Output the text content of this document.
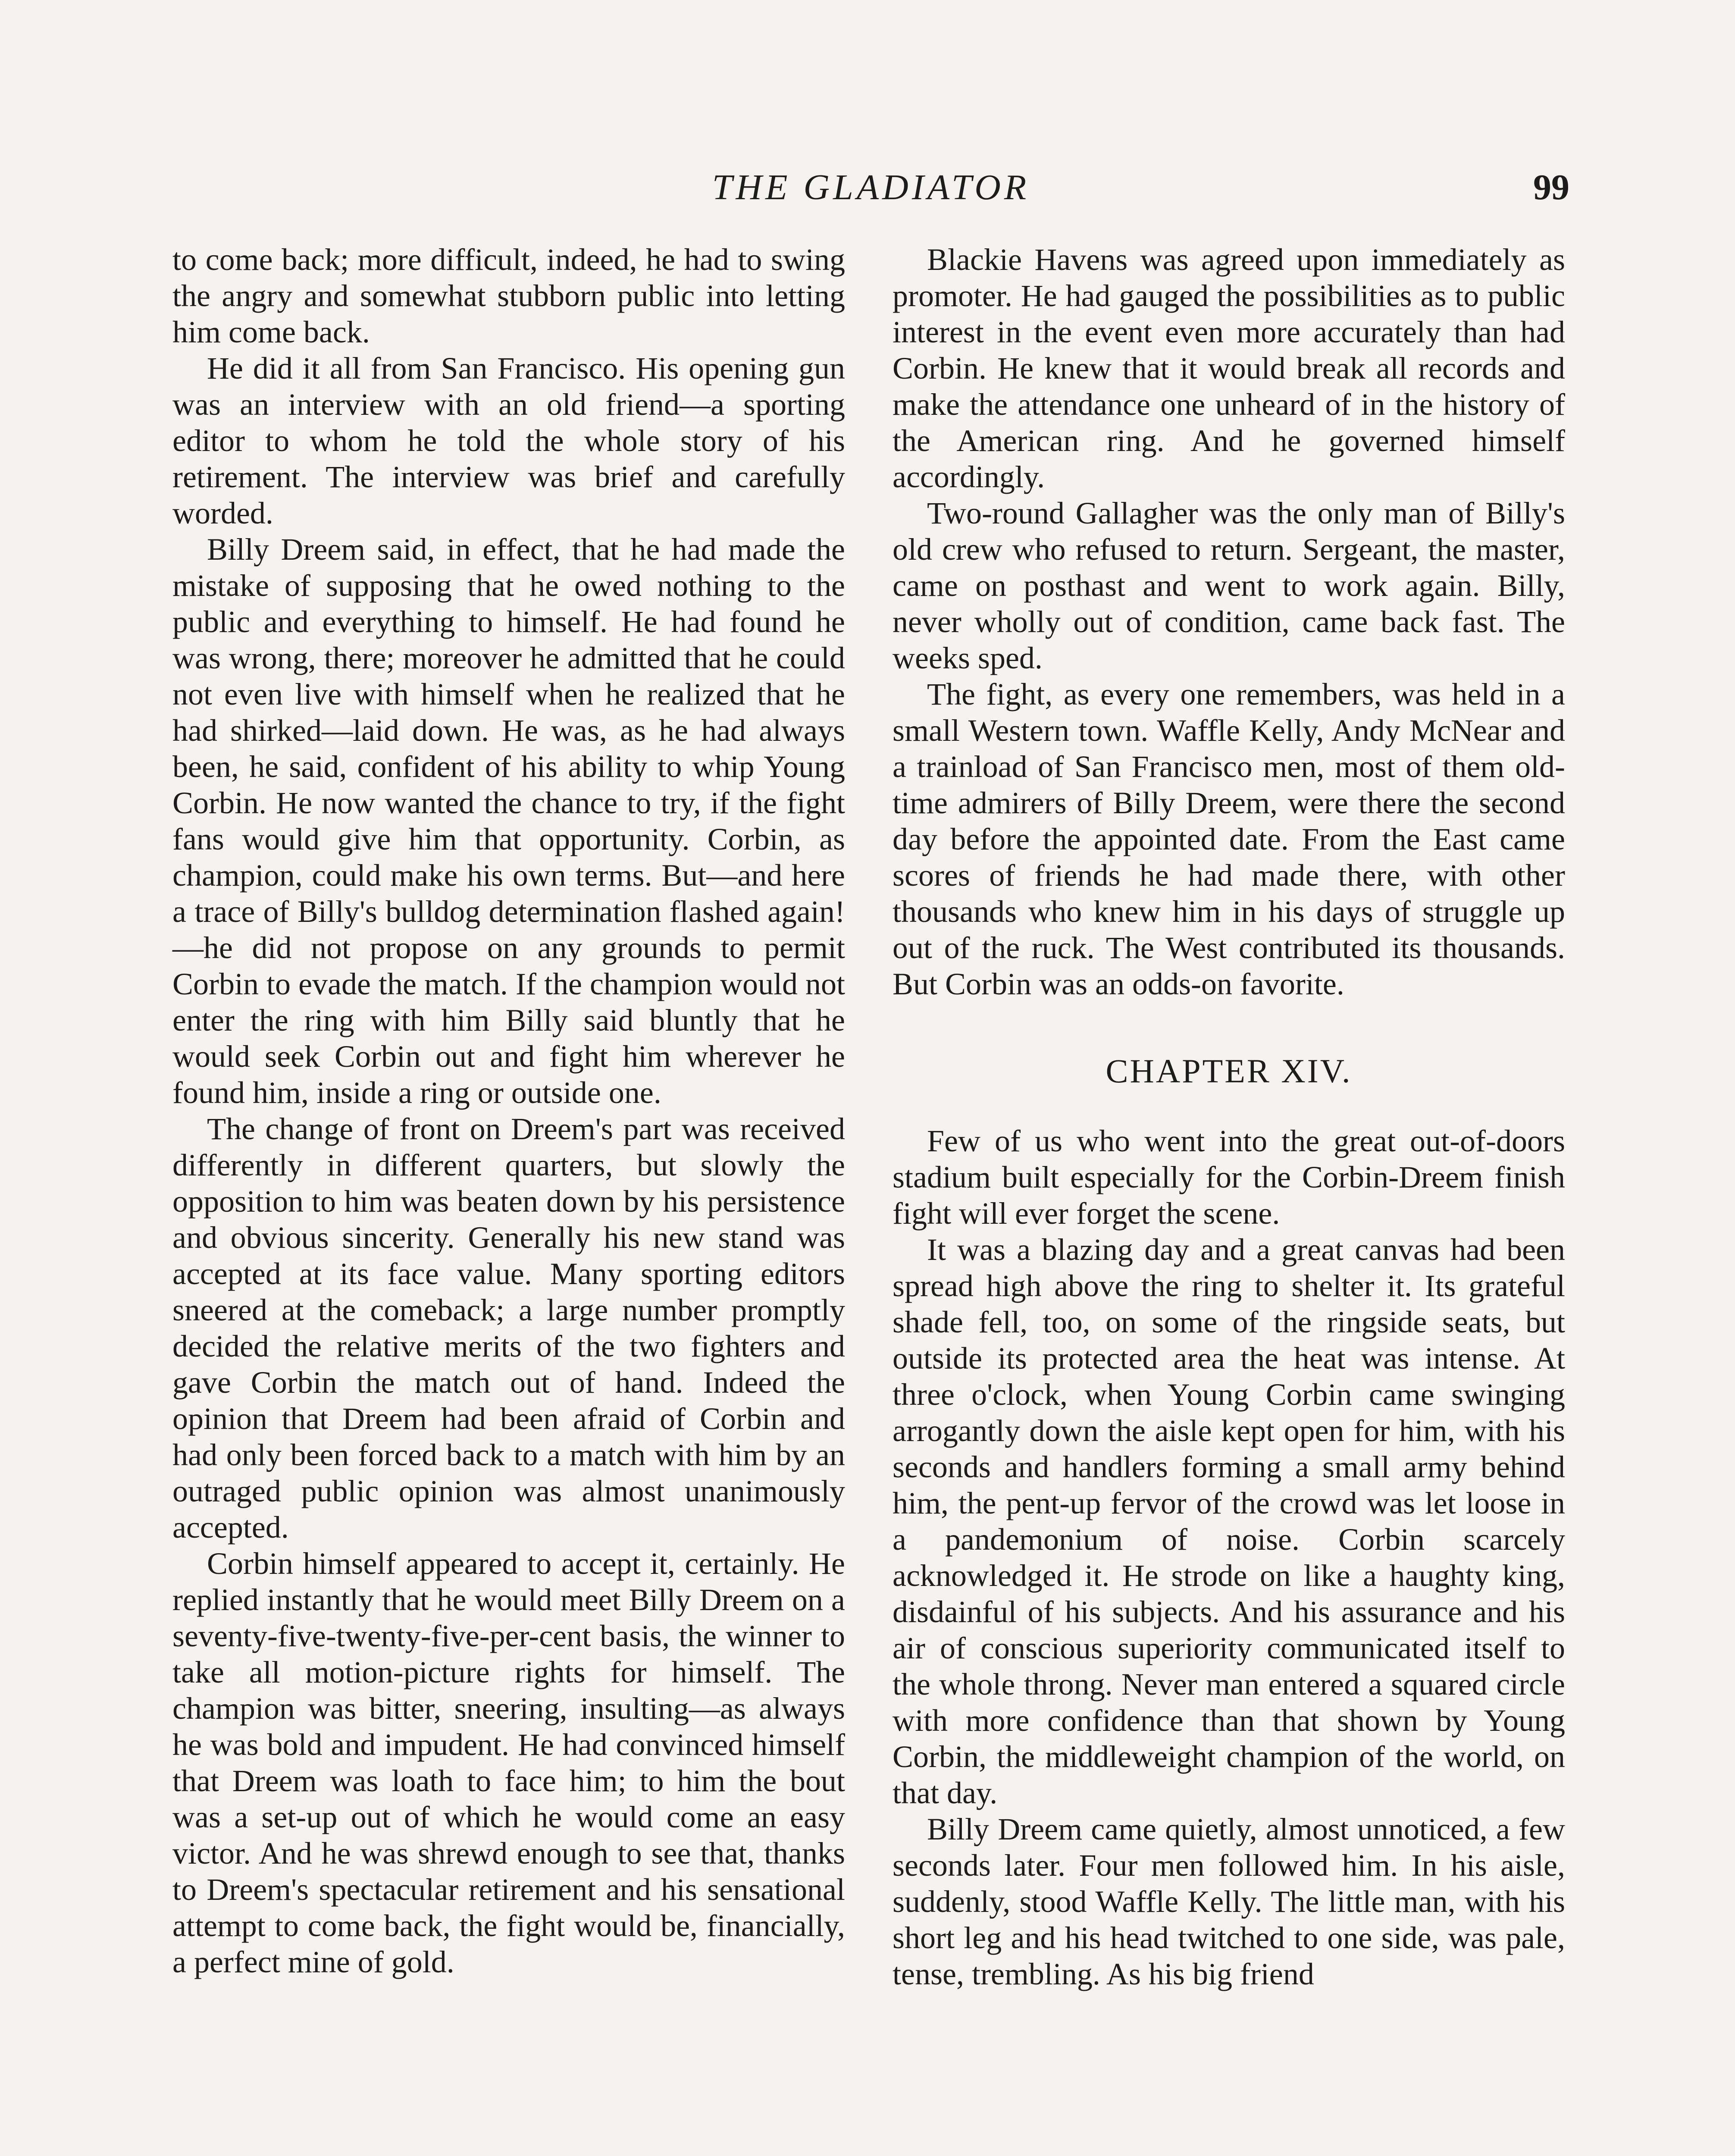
THE GLADIATOR	99

to come back; more difficult, indeed, he had to swing the angry and somewhat stubborn public into letting him come back.

He did it all from San Francisco. His opening gun was an interview with an old friend—a sporting editor to whom he told the whole story of his retirement. The interview was brief and carefully worded.

Billy Dreem said, in effect, that he had made the mistake of supposing that he owed nothing to the public and everything to himself. He had found he was wrong, there; moreover he admitted that he could not even live with himself when he realized that he had shirked—laid down. He was, as he had always been, he said, confident of his ability to whip Young Corbin. He now wanted the chance to try, if the fight fans would give him that opportunity. Corbin, as champion, could make his own terms. But—and here a trace of Billy's bulldog determination flashed again!—he did not propose on any grounds to permit Corbin to evade the match. If the champion would not enter the ring with him Billy said bluntly that he would seek Corbin out and fight him wherever he found him, inside a ring or outside one.

The change of front on Dreem's part was received differently in different quarters, but slowly the opposition to him was beaten down by his persistence and obvious sincerity. Generally his new stand was accepted at its face value. Many sporting editors sneered at the comeback; a large number promptly decided the relative merits of the two fighters and gave Corbin the match out of hand. Indeed the opinion that Dreem had been afraid of Corbin and had only been forced back to a match with him by an outraged public opinion was almost unanimously accepted.

Corbin himself appeared to accept it, certainly. He replied instantly that he would meet Billy Dreem on a seventy-five-twenty-five-per-cent basis, the winner to take all motion-picture rights for himself. The champion was bitter, sneering, insulting—as always he was bold and impudent. He had convinced himself that Dreem was loath to face him; to him the bout was a set-up out of which he would come an easy victor. And he was shrewd enough to see that, thanks to Dreem's spectacular retirement and his sensational attempt to come back, the fight would be, financially, a perfect mine of gold.

Blackie Havens was agreed upon immediately as promoter. He had gauged the possibilities as to public interest in the event even more accurately than had Corbin. He knew that it would break all records and make the attendance one unheard of in the history of the American ring. And he governed himself accordingly.

Two-round Gallagher was the only man of Billy's old crew who refused to return. Sergeant, the master, came on posthast and went to work again. Billy, never wholly out of condition, came back fast. The weeks sped.

The fight, as every one remembers, was held in a small Western town. Waffle Kelly, Andy McNear and a trainload of San Francisco men, most of them old-time admirers of Billy Dreem, were there the second day before the appointed date. From the East came scores of friends he had made there, with other thousands who knew him in his days of struggle up out of the ruck. The West contributed its thousands. But Corbin was an odds-on favorite.

CHAPTER XIV.

Few of us who went into the great out-of-doors stadium built especially for the Corbin-Dreem finish fight will ever forget the scene.

It was a blazing day and a great canvas had been spread high above the ring to shelter it. Its grateful shade fell, too, on some of the ringside seats, but outside its protected area the heat was intense. At three o'clock, when Young Corbin came swinging arrogantly down the aisle kept open for him, with his seconds and handlers forming a small army behind him, the pent-up fervor of the crowd was let loose in a pandemonium of noise. Corbin scarcely acknowledged it. He strode on like a haughty king, disdainful of his subjects. And his assurance and his air of conscious superiority communicated itself to the whole throng. Never man entered a squared circle with more confidence than that shown by Young Corbin, the middleweight champion of the world, on that day.

Billy Dreem came quietly, almost unnoticed, a few seconds later. Four men followed him. In his aisle, suddenly, stood Waffle Kelly. The little man, with his short leg and his head twitched to one side, was pale, tense, trembling. As his big friend
